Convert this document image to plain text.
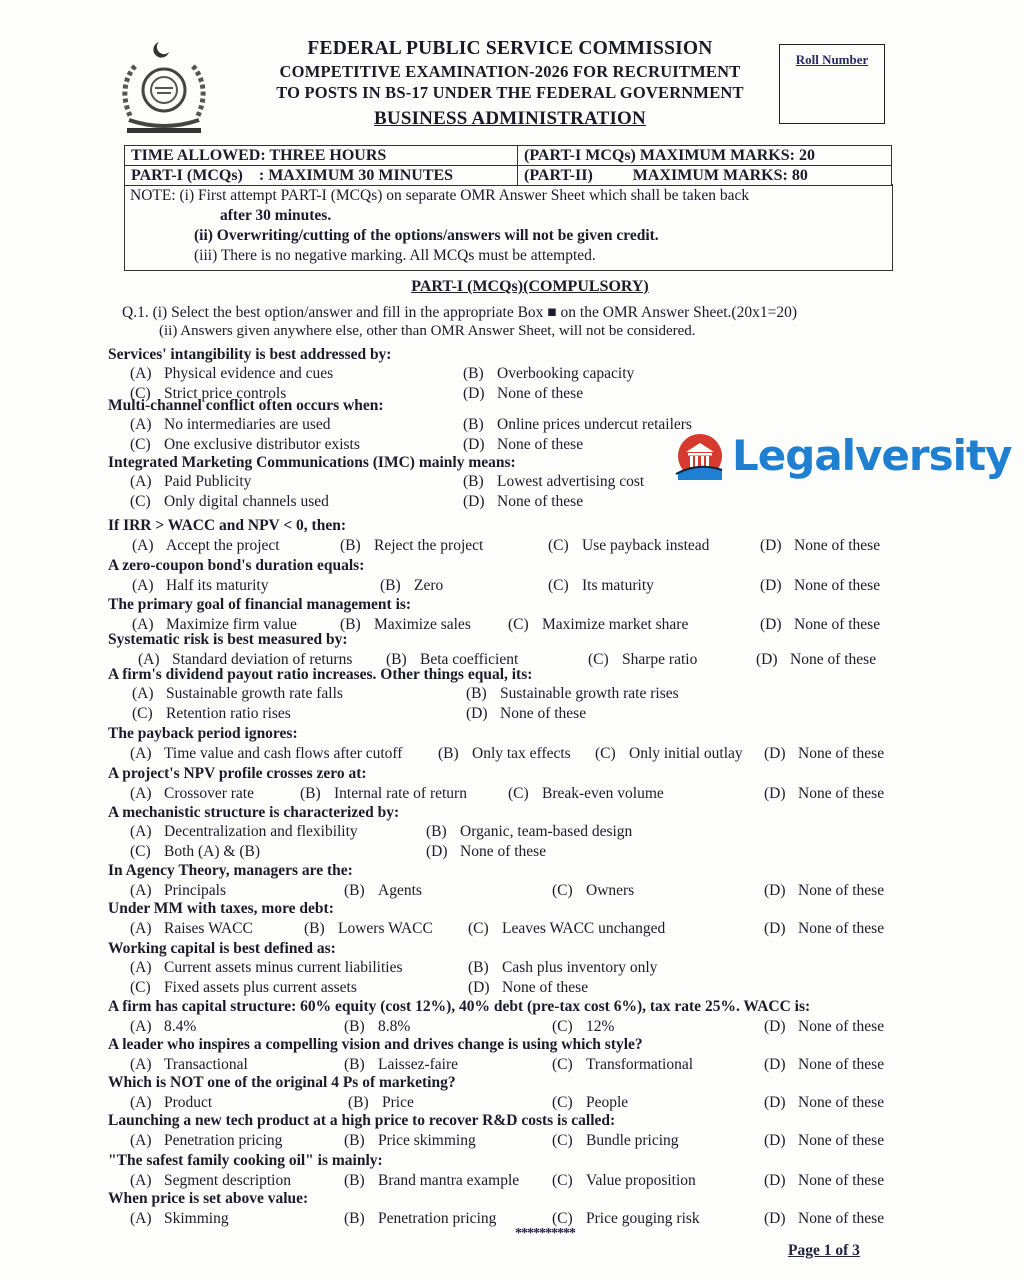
FEDERAL PUBLIC SERVICE COMMISSION
COMPETITIVE EXAMINATION-2026 FOR RECRUITMENT
TO POSTS IN BS-17 UNDER THE FEDERAL GOVERNMENT
BUSINESS ADMINISTRATION
Roll Number
TIME ALLOWED: THREE HOURS	(PART-I MCQs) MAXIMUM MARKS: 20
PART-I (MCQs)    : MAXIMUM 30 MINUTES	(PART-II)          MAXIMUM MARKS: 80
NOTE: (i) First attempt PART-I (MCQs) on separate OMR Answer Sheet which shall be taken back
after 30 minutes.
(ii) Overwriting/cutting of the options/answers will not be given credit.
(iii) There is no negative marking. All MCQs must be attempted.
PART-I (MCQs)(COMPULSORY)
Q.1. (i) Select the best option/answer and fill in the appropriate Box ■ on the OMR Answer Sheet.(20x1=20)
(ii) Answers given anywhere else, other than OMR Answer Sheet, will not be considered.
Services' intangibility is best addressed by:
(A) Physical evidence and cues	(B) Overbooking capacity
(C) Strict price controls	(D) None of these
Multi-channel conflict often occurs when:
(A) No intermediaries are used	(B) Online prices undercut retailers
(C) One exclusive distributor exists	(D) None of these
Integrated Marketing Communications (IMC) mainly means:
(A) Paid Publicity	(B) Lowest advertising cost
(C) Only digital channels used	(D) None of these
If IRR > WACC and NPV < 0, then:
(A) Accept the project	(B) Reject the project	(C) Use payback instead	(D) None of these
A zero-coupon bond's duration equals:
(A) Half its maturity	(B) Zero	(C) Its maturity	(D) None of these
The primary goal of financial management is:
(A) Maximize firm value	(B) Maximize sales (C) Maximize market share	(D) None of these
Systematic risk is best measured by:
(A) Standard deviation of returns (B) Beta coefficient	(C) Sharpe ratio	(D) None of these
A firm's dividend payout ratio increases. Other things equal, its:
(A) Sustainable growth rate falls	(B) Sustainable growth rate rises
(C) Retention ratio rises	(D) None of these
The payback period ignores:
(A) Time value and cash flows after cutoff (B) Only tax effects (C) Only initial outlay (D) None of these
A project's NPV profile crosses zero at:
(A) Crossover rate	(B) Internal rate of return	(C) Break-even volume	(D) None of these
A mechanistic structure is characterized by:
(A) Decentralization and flexibility	(B) Organic, team-based design
(C) Both (A) & (B)	(D) None of these
In Agency Theory, managers are the:
(A) Principals	(B) Agents	(C) Owners	(D) None of these
Under MM with taxes, more debt:
(A) Raises WACC	(B) Lowers WACC (C) Leaves WACC unchanged	(D) None of these
Working capital is best defined as:
(A) Current assets minus current liabilities	(B) Cash plus inventory only
(C) Fixed assets plus current assets	(D) None of these
A firm has capital structure: 60% equity (cost 12%), 40% debt (pre-tax cost 6%), tax rate 25%. WACC is:
(A) 8.4%	(B) 8.8%	(C) 12%	(D) None of these
A leader who inspires a compelling vision and drives change is using which style?
(A) Transactional	(B) Laissez-faire	(C) Transformational	(D) None of these
Which is NOT one of the original 4 Ps of marketing?
(A) Product	(B) Price	(C) People	(D) None of these
Launching a new tech product at a high price to recover R&D costs is called:
(A) Penetration pricing	(B) Price skimming	(C) Bundle pricing	(D) None of these
"The safest family cooking oil" is mainly:
(A) Segment description	(B) Brand mantra example (C) Value proposition	(D) None of these
When price is set above value:
(A) Skimming	(B) Penetration pricing	(C) Price gouging risk	(D) None of these
Legalversity
**********
Page 1 of 3
